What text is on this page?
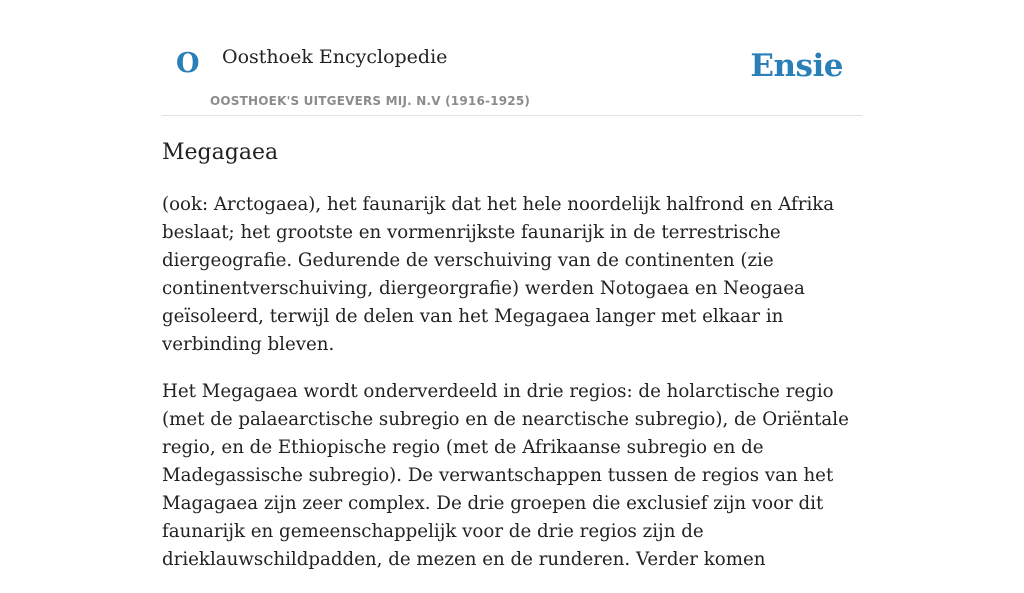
O Oosthoek Encyclopedie
OOSTHOEK'S UITGEVERS MIJ. N.V (1916-1925)
Ensie
Megagaea

(ook: Arctogaea), het faunarijk dat het hele noordelijk halfrond en Afrika beslaat; het grootste en vormenrijkste faunarijk in de terrestrische diergeografie. Gedurende de verschuiving van de continenten (zie continentverschuiving, diergeorgrafie) werden Notogaea en Neogaea geïsoleerd, terwijl de delen van het Megagaea langer met elkaar in verbinding bleven.

Het Megagaea wordt onderverdeeld in drie regios: de holarctische regio (met de palaearctische subregio en de nearctische subregio), de Oriëntale regio, en de Ethiopische regio (met de Afrikaanse subregio en de Madegassische subregio). De verwantschappen tussen de regios van het Magagaea zijn zeer complex. De drie groepen die exclusief zijn voor dit faunarijk en gemeenschappelijk voor de drie regios zijn de drieklauwschildpadden, de mezen en de runderen. Verder komen
